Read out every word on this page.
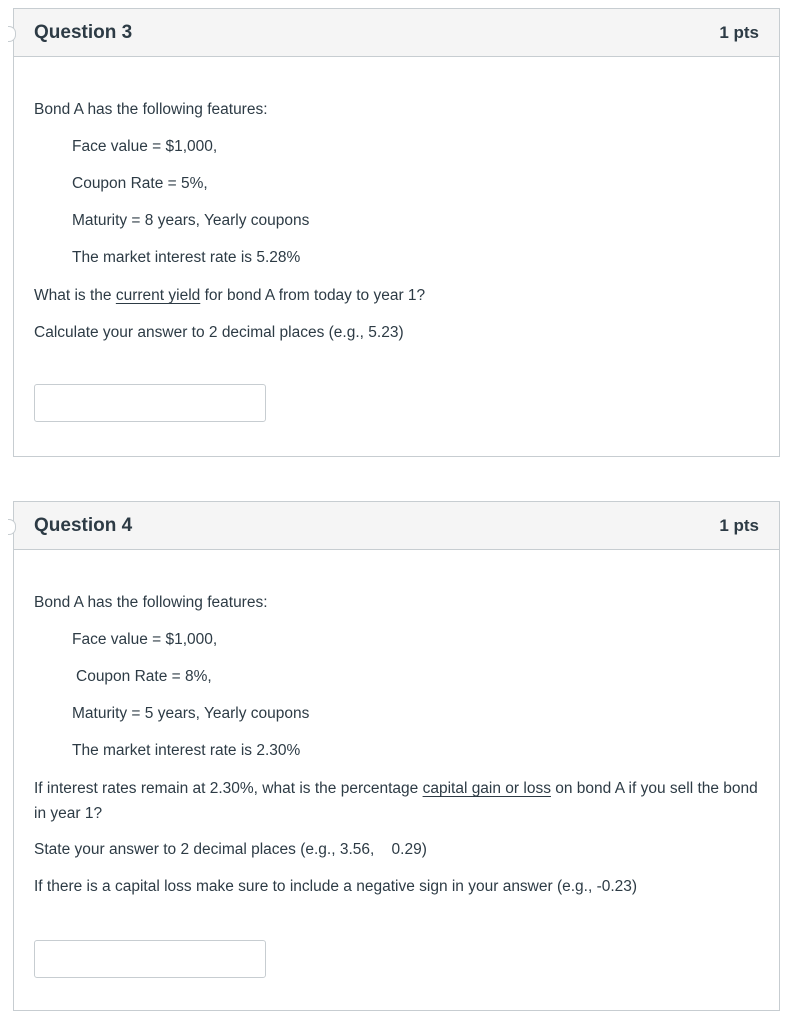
Question 3	1 pts
Bond A has the following features:
Face value = $1,000,
Coupon Rate = 5%,
Maturity = 8 years, Yearly coupons
The market interest rate is 5.28%
What is the current yield for bond A from today to year 1?
Calculate your answer to 2 decimal places (e.g., 5.23)
Question 4	1 pts
Bond A has the following features:
Face value = $1,000,
Coupon Rate = 8%,
Maturity = 5 years, Yearly coupons
The market interest rate is 2.30%
If interest rates remain at 2.30%, what is the percentage capital gain or loss on bond A if you sell the bond in year 1?
State your answer to 2 decimal places (e.g., 3.56,    0.29)
If there is a capital loss make sure to include a negative sign in your answer (e.g., -0.23)
